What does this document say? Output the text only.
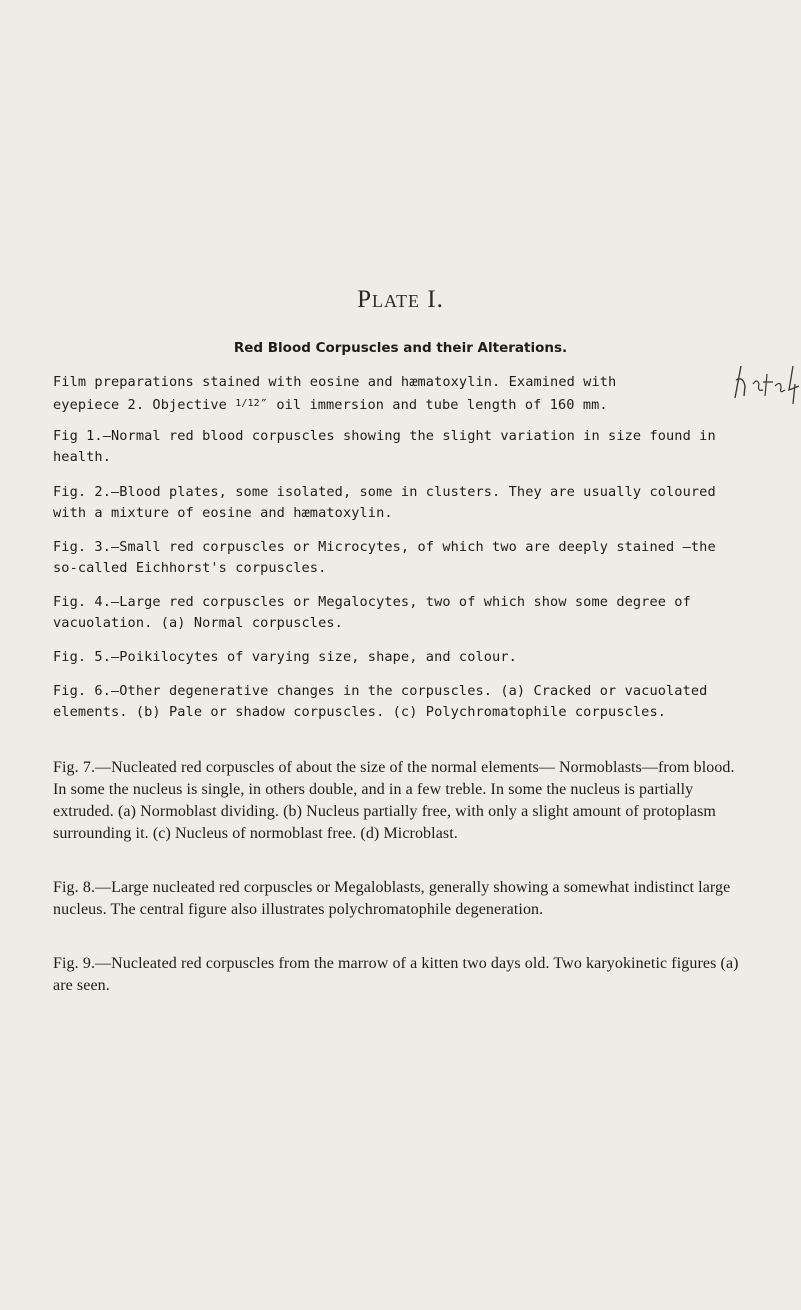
Plate I.
Red Blood Corpuscles and their Alterations.

Film preparations stained with eosine and hæmatoxylin. Examined with
eyepiece 2. Objective $^{1/12}$″ oil immersion and tube length of 160 mm.

Fig 1.—Normal red blood corpuscles showing the slight variation in size found in health.

Fig. 2.—Blood plates, some isolated, some in clusters. They are usually coloured with a mixture of eosine and hæmatoxylin.

Fig. 3.—Small red corpuscles or Microcytes, of which two are deeply stained —the so-called Eichhorst's corpuscles.

Fig. 4.—Large red corpuscles or Megalocytes, two of which show some degree of vacuolation. (a) Normal corpuscles.

Fig. 5.—Poikilocytes of varying size, shape, and colour.

Fig. 6.—Other degenerative changes in the corpuscles. (a) Cracked or vacuolated elements. (b) Pale or shadow corpuscles. (c) Polychromatophile corpuscles.

Fig. 7.—Nucleated red corpuscles of about the size of the normal elements— Normoblasts—from blood. In some the nucleus is single, in others double, and in a few treble. In some the nucleus is partially extruded. (a) Normoblast dividing. (b) Nucleus partially free, with only a slight amount of protoplasm surrounding it. (c) Nucleus of normoblast free. (d) Microblast.

Fig. 8.—Large nucleated red corpuscles or Megaloblasts, generally showing a somewhat indistinct large nucleus. The central figure also illustrates polychromatophile degeneration.

Fig. 9.—Nucleated red corpuscles from the marrow of a kitten two days old. Two karyokinetic figures (a) are seen.
